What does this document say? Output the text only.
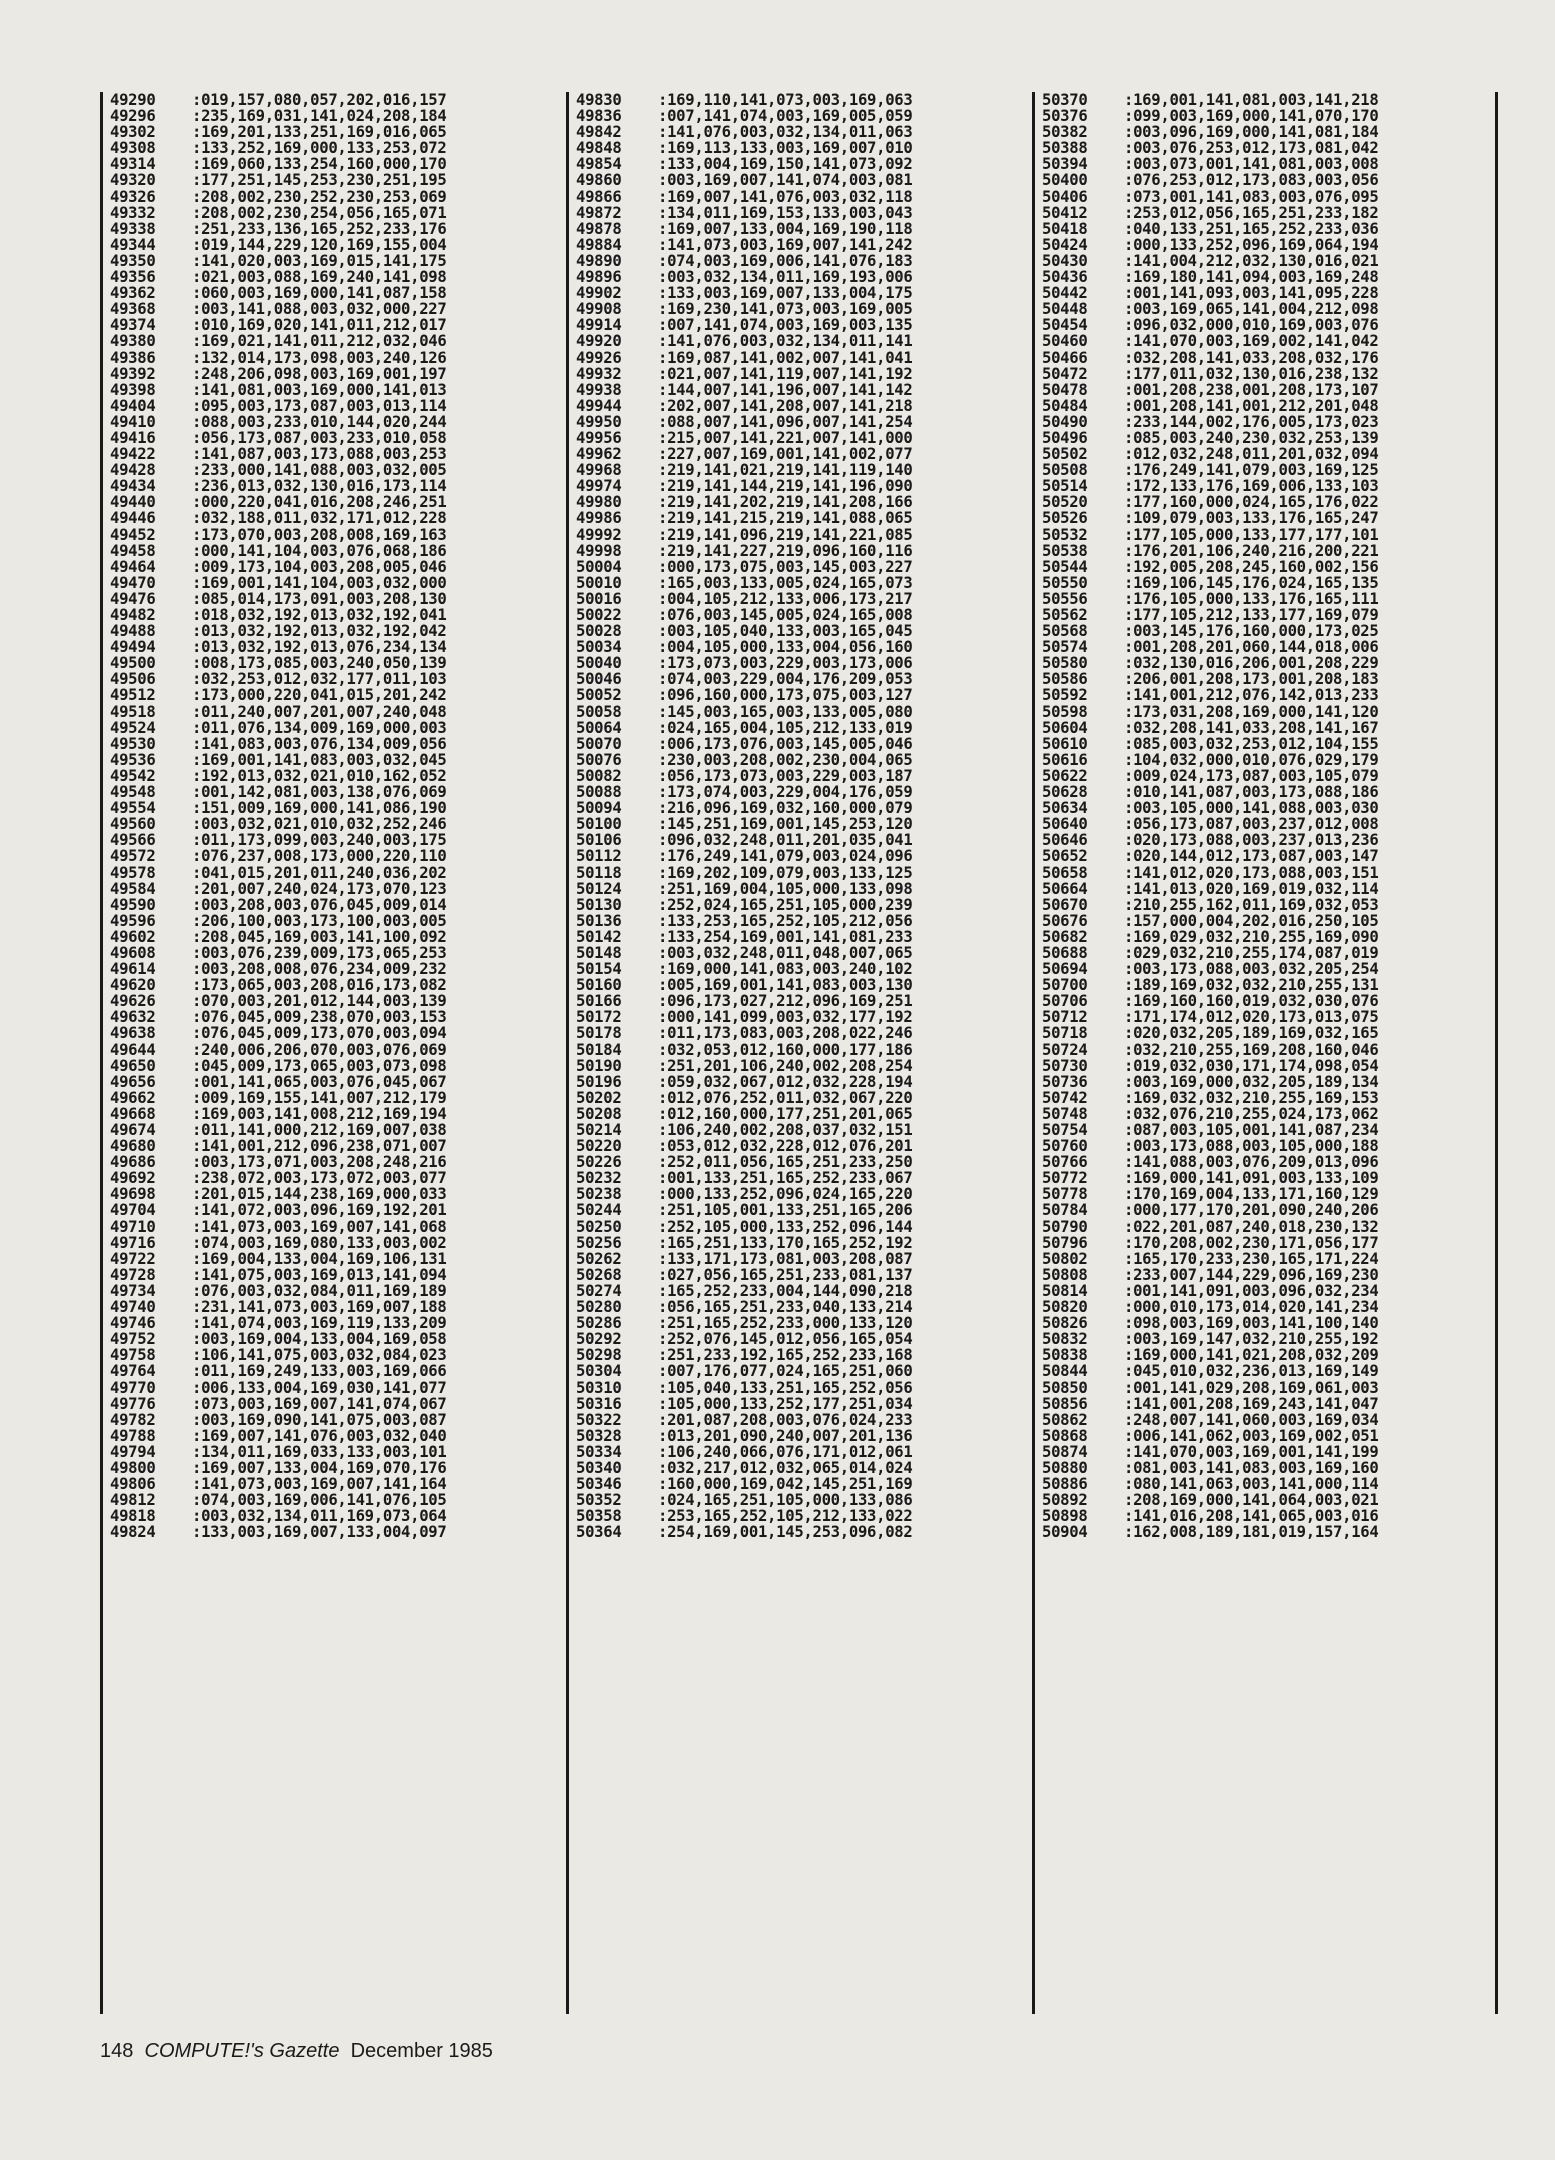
49290 :019,157,080,057,202,016,157
49296 :235,169,031,141,024,208,184
49302 :169,201,133,251,169,016,065
49308 :133,252,169,000,133,253,072
49314 :169,060,133,254,160,000,170
49320 :177,251,145,253,230,251,195
49326 :208,002,230,252,230,253,069
49332 :208,002,230,254,056,165,071
49338 :251,233,136,165,252,233,176
49344 :019,144,229,120,169,155,004
49350 :141,020,003,169,015,141,175
49356 :021,003,088,169,240,141,098
49362 :060,003,169,000,141,087,158
49368 :003,141,088,003,032,000,227
49374 :010,169,020,141,011,212,017
49380 :169,021,141,011,212,032,046
49386 :132,014,173,098,003,240,126
49392 :248,206,098,003,169,001,197
49398 :141,081,003,169,000,141,013
49404 :095,003,173,087,003,013,114
49410 :088,003,233,010,144,020,244
49416 :056,173,087,003,233,010,058
49422 :141,087,003,173,088,003,253
49428 :233,000,141,088,003,032,005
49434 :236,013,032,130,016,173,114
49440 :000,220,041,016,208,246,251
49446 :032,188,011,032,171,012,228
49452 :173,070,003,208,008,169,163
49458 :000,141,104,003,076,068,186
49464 :009,173,104,003,208,005,046
49470 :169,001,141,104,003,032,000
49476 :085,014,173,091,003,208,130
49482 :018,032,192,013,032,192,041
49488 :013,032,192,013,032,192,042
49494 :013,032,192,013,076,234,134
49500 :008,173,085,003,240,050,139
49506 :032,253,012,032,177,011,103
49512 :173,000,220,041,015,201,242
49518 :011,240,007,201,007,240,048
49524 :011,076,134,009,169,000,003
49530 :141,083,003,076,134,009,056
49536 :169,001,141,083,003,032,045
49542 :192,013,032,021,010,162,052
49548 :001,142,081,003,138,076,069
49554 :151,009,169,000,141,086,190
49560 :003,032,021,010,032,252,246
49566 :011,173,099,003,240,003,175
49572 :076,237,008,173,000,220,110
49578 :041,015,201,011,240,036,202
49584 :201,007,240,024,173,070,123
49590 :003,208,003,076,045,009,014
49596 :206,100,003,173,100,003,005
49602 :208,045,169,003,141,100,092
49608 :003,076,239,009,173,065,253
49614 :003,208,008,076,234,009,232
49620 :173,065,003,208,016,173,082
49626 :070,003,201,012,144,003,139
49632 :076,045,009,238,070,003,153
49638 :076,045,009,173,070,003,094
49644 :240,006,206,070,003,076,069
49650 :045,009,173,065,003,073,098
49656 :001,141,065,003,076,045,067
49662 :009,169,155,141,007,212,179
49668 :169,003,141,008,212,169,194
49674 :011,141,000,212,169,007,038
49680 :141,001,212,096,238,071,007
49686 :003,173,071,003,208,248,216
49692 :238,072,003,173,072,003,077
49698 :201,015,144,238,169,000,033
49704 :141,072,003,096,169,192,201
49710 :141,073,003,169,007,141,068
49716 :074,003,169,080,133,003,002
49722 :169,004,133,004,169,106,131
49728 :141,075,003,169,013,141,094
49734 :076,003,032,084,011,169,189
49740 :231,141,073,003,169,007,188
49746 :141,074,003,169,119,133,209
49752 :003,169,004,133,004,169,058
49758 :106,141,075,003,032,084,023
49764 :011,169,249,133,003,169,066
49770 :006,133,004,169,030,141,077
49776 :073,003,169,007,141,074,067
49782 :003,169,090,141,075,003,087
49788 :169,007,141,076,003,032,040
49794 :134,011,169,033,133,003,101
49800 :169,007,133,004,169,070,176
49806 :141,073,003,169,007,141,164
49812 :074,003,169,006,141,076,105
49818 :003,032,134,011,169,073,064
49824 :133,003,169,007,133,004,097
49830 :169,110,141,073,003,169,063
49836 :007,141,074,003,169,005,059
49842 :141,076,003,032,134,011,063
49848 :169,113,133,003,169,007,010
49854 :133,004,169,150,141,073,092
49860 :003,169,007,141,074,003,081
49866 :169,007,141,076,003,032,118
49872 :134,011,169,153,133,003,043
49878 :169,007,133,004,169,190,118
49884 :141,073,003,169,007,141,242
49890 :074,003,169,006,141,076,183
49896 :003,032,134,011,169,193,006
49902 :133,003,169,007,133,004,175
49908 :169,230,141,073,003,169,005
49914 :007,141,074,003,169,003,135
49920 :141,076,003,032,134,011,141
49926 :169,087,141,002,007,141,041
49932 :021,007,141,119,007,141,192
49938 :144,007,141,196,007,141,142
49944 :202,007,141,208,007,141,218
49950 :088,007,141,096,007,141,254
49956 :215,007,141,221,007,141,000
49962 :227,007,169,001,141,002,077
49968 :219,141,021,219,141,119,140
49974 :219,141,144,219,141,196,090
49980 :219,141,202,219,141,208,166
49986 :219,141,215,219,141,088,065
49992 :219,141,096,219,141,221,085
49998 :219,141,227,219,096,160,116
50004 :000,173,075,003,145,003,227
50010 :165,003,133,005,024,165,073
50016 :004,105,212,133,006,173,217
50022 :076,003,145,005,024,165,008
50028 :003,105,040,133,003,165,045
50034 :004,105,000,133,004,056,160
50040 :173,073,003,229,003,173,006
50046 :074,003,229,004,176,209,053
50052 :096,160,000,173,075,003,127
50058 :145,003,165,003,133,005,080
50064 :024,165,004,105,212,133,019
50070 :006,173,076,003,145,005,046
50076 :230,003,208,002,230,004,065
50082 :056,173,073,003,229,003,187
50088 :173,074,003,229,004,176,059
50094 :216,096,169,032,160,000,079
50100 :145,251,169,001,145,253,120
50106 :096,032,248,011,201,035,041
50112 :176,249,141,079,003,024,096
50118 :169,202,109,079,003,133,125
50124 :251,169,004,105,000,133,098
50130 :252,024,165,251,105,000,239
50136 :133,253,165,252,105,212,056
50142 :133,254,169,001,141,081,233
50148 :003,032,248,011,048,007,065
50154 :169,000,141,083,003,240,102
50160 :005,169,001,141,083,003,130
50166 :096,173,027,212,096,169,251
50172 :000,141,099,003,032,177,192
50178 :011,173,083,003,208,022,246
50184 :032,053,012,160,000,177,186
50190 :251,201,106,240,002,208,254
50196 :059,032,067,012,032,228,194
50202 :012,076,252,011,032,067,220
50208 :012,160,000,177,251,201,065
50214 :106,240,002,208,037,032,151
50220 :053,012,032,228,012,076,201
50226 :252,011,056,165,251,233,250
50232 :001,133,251,165,252,233,067
50238 :000,133,252,096,024,165,220
50244 :251,105,001,133,251,165,206
50250 :252,105,000,133,252,096,144
50256 :165,251,133,170,165,252,192
50262 :133,171,173,081,003,208,087
50268 :027,056,165,251,233,081,137
50274 :165,252,233,004,144,090,218
50280 :056,165,251,233,040,133,214
50286 :251,165,252,233,000,133,120
50292 :252,076,145,012,056,165,054
50298 :251,233,192,165,252,233,168
50304 :007,176,077,024,165,251,060
50310 :105,040,133,251,165,252,056
50316 :105,000,133,252,177,251,034
50322 :201,087,208,003,076,024,233
50328 :013,201,090,240,007,201,136
50334 :106,240,066,076,171,012,061
50340 :032,217,012,032,065,014,024
50346 :160,000,169,042,145,251,169
50352 :024,165,251,105,000,133,086
50358 :253,165,252,105,212,133,022
50364 :254,169,001,145,253,096,082
50370 :169,001,141,081,003,141,218
50376 :099,003,169,000,141,070,170
50382 :003,096,169,000,141,081,184
50388 :003,076,253,012,173,081,042
50394 :003,073,001,141,081,003,008
50400 :076,253,012,173,083,003,056
50406 :073,001,141,083,003,076,095
50412 :253,012,056,165,251,233,182
50418 :040,133,251,165,252,233,036
50424 :000,133,252,096,169,064,194
50430 :141,004,212,032,130,016,021
50436 :169,180,141,094,003,169,248
50442 :001,141,093,003,141,095,228
50448 :003,169,065,141,004,212,098
50454 :096,032,000,010,169,003,076
50460 :141,070,003,169,002,141,042
50466 :032,208,141,033,208,032,176
50472 :177,011,032,130,016,238,132
50478 :001,208,238,001,208,173,107
50484 :001,208,141,001,212,201,048
50490 :233,144,002,176,005,173,023
50496 :085,003,240,230,032,253,139
50502 :012,032,248,011,201,032,094
50508 :176,249,141,079,003,169,125
50514 :172,133,176,169,006,133,103
50520 :177,160,000,024,165,176,022
50526 :109,079,003,133,176,165,247
50532 :177,105,000,133,177,177,101
50538 :176,201,106,240,216,200,221
50544 :192,005,208,245,160,002,156
50550 :169,106,145,176,024,165,135
50556 :176,105,000,133,176,165,111
50562 :177,105,212,133,177,169,079
50568 :003,145,176,160,000,173,025
50574 :001,208,201,060,144,018,006
50580 :032,130,016,206,001,208,229
50586 :206,001,208,173,001,208,183
50592 :141,001,212,076,142,013,233
50598 :173,031,208,169,000,141,120
50604 :032,208,141,033,208,141,167
50610 :085,003,032,253,012,104,155
50616 :104,032,000,010,076,029,179
50622 :009,024,173,087,003,105,079
50628 :010,141,087,003,173,088,186
50634 :003,105,000,141,088,003,030
50640 :056,173,087,003,237,012,008
50646 :020,173,088,003,237,013,236
50652 :020,144,012,173,087,003,147
50658 :141,012,020,173,088,003,151
50664 :141,013,020,169,019,032,114
50670 :210,255,162,011,169,032,053
50676 :157,000,004,202,016,250,105
50682 :169,029,032,210,255,169,090
50688 :029,032,210,255,174,087,019
50694 :003,173,088,003,032,205,254
50700 :189,169,032,032,210,255,131
50706 :169,160,160,019,032,030,076
50712 :171,174,012,020,173,013,075
50718 :020,032,205,189,169,032,165
50724 :032,210,255,169,208,160,046
50730 :019,032,030,171,174,098,054
50736 :003,169,000,032,205,189,134
50742 :169,032,032,210,255,169,153
50748 :032,076,210,255,024,173,062
50754 :087,003,105,001,141,087,234
50760 :003,173,088,003,105,000,188
50766 :141,088,003,076,209,013,096
50772 :169,000,141,091,003,133,109
50778 :170,169,004,133,171,160,129
50784 :000,177,170,201,090,240,206
50790 :022,201,087,240,018,230,132
50796 :170,208,002,230,171,056,177
50802 :165,170,233,230,165,171,224
50808 :233,007,144,229,096,169,230
50814 :001,141,091,003,096,032,234
50820 :000,010,173,014,020,141,234
50826 :098,003,169,003,141,100,140
50832 :003,169,147,032,210,255,192
50838 :169,000,141,021,208,032,209
50844 :045,010,032,236,013,169,149
50850 :001,141,029,208,169,061,003
50856 :141,001,208,169,243,141,047
50862 :248,007,141,060,003,169,034
50868 :006,141,062,003,169,002,051
50874 :141,070,003,169,001,141,199
50880 :081,003,141,083,003,169,160
50886 :080,141,063,003,141,000,114
50892 :208,169,000,141,064,003,021
50898 :141,016,208,141,065,003,016
50904 :162,008,189,181,019,157,164
148 COMPUTE!'s Gazette December 1985
